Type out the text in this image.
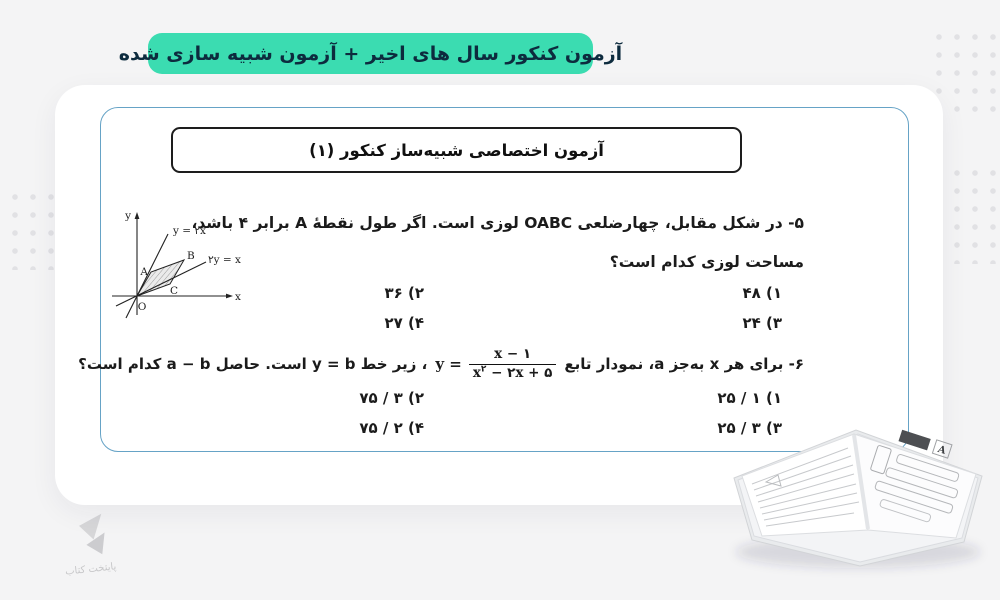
آزمون کنکور سال های اخیر + آزمون شبیه سازی شده
آزمون اختصاصی شبیه‌ساز کنکور (۱)
۵- در شکل مقابل، چهارضلعی OABC لوزی است. اگر طول نقطهٔ A برابر ۴ باشد،
مساحت لوزی کدام است؟
۱) ۴۸
۲) ۳۶
۳) ۲۴
۴) ۲۷
y
x
y = ۲x
۲y = x
A
B
C
O
۶- برای هر x به‌جز a، نمودار تابع
$y = \frac{x - ۱}{x^۲ - ۲x + ۵}$
، زیر خط y = b است. حاصل a − b کدام است؟
۱) ۱ / ۲۵
۲) ۳ / ۷۵
۳) ۳ / ۲۵
۴) ۲ / ۷۵
A
پایتخت کتاب
